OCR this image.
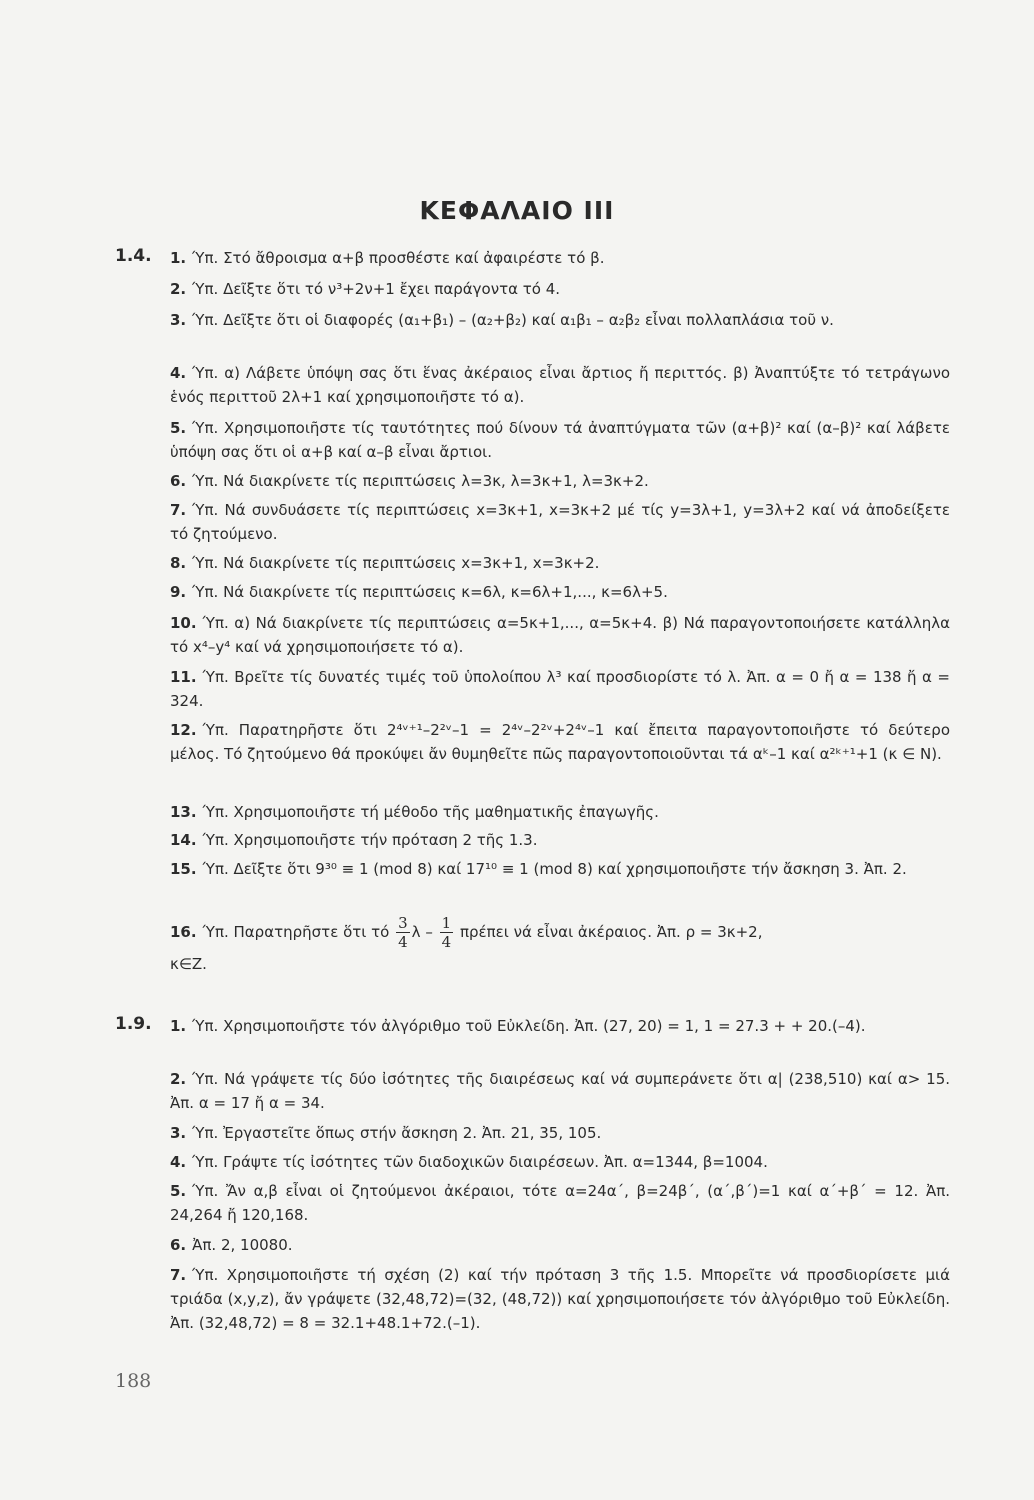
ΚΕΦΑΛΑΙΟ III
1.4. 1. Ύπ. Στό ἄθροισμα α+β προσθέστε καί ἀφαιρέστε τό β.
2. Ύπ. Δεῖξτε ὅτι τό ν³+2ν+1 ἔχει παράγοντα τό 4.
3. Ύπ. Δεῖξτε ὅτι οἱ διαφορές (α₁+β₁) – (α₂+β₂) καί α₁β₁ – α₂β₂ εἶναι πολλαπλάσια τοῦ ν.
4. Ύπ. α) Λάβετε ὑπόψη σας ὅτι ἕνας ἀκέραιος εἶναι ἄρτιος ἤ περιττός. β) Ἀναπτύξτε τό τετράγωνο ἑνός περιττοῦ 2λ+1 καί χρησιμοποιῆστε τό α).
5. Ύπ. Χρησιμοποιῆστε τίς ταυτότητες πού δίνουν τά ἀναπτύγματα τῶν (α+β)² καί (α–β)² καί λάβετε ὑπόψη σας ὅτι οἱ α+β καί α–β εἶναι ἄρτιοι.
6. Ύπ. Νά διακρίνετε τίς περιπτώσεις λ=3κ, λ=3κ+1, λ=3κ+2.
7. Ύπ. Νά συνδυάσετε τίς περιπτώσεις x=3κ+1, x=3κ+2 μέ τίς y=3λ+1, y=3λ+2 καί νά ἀποδείξετε τό ζητούμενο.
8. Ύπ. Νά διακρίνετε τίς περιπτώσεις x=3κ+1, x=3κ+2.
9. Ύπ. Νά διακρίνετε τίς περιπτώσεις κ=6λ, κ=6λ+1,..., κ=6λ+5.
10. Ύπ. α) Νά διακρίνετε τίς περιπτώσεις α=5κ+1,..., α=5κ+4. β) Νά παραγοντοποιήσετε κατάλληλα τό x⁴–y⁴ καί νά χρησιμοποιήσετε τό α).
11. Ύπ. Βρεῖτε τίς δυνατές τιμές τοῦ ὑπολοίπου λ³ καί προσδιορίστε τό λ. Ἀπ. α = 0 ἤ α = 138 ἤ α = 324.
12. Ύπ. Παρατηρῆστε ὅτι 2⁴ᵛ⁺¹–2²ᵛ–1 = 2⁴ᵛ–2²ᵛ+2⁴ᵛ–1 καί ἔπειτα παραγοντοποιῆστε τό δεύτερο μέλος. Τό ζητούμενο θά προκύψει ἄν θυμηθεῖτε πῶς παραγοντοποιοῦνται τά αᵏ–1 καί α²ᵏ⁺¹+1 (κ ∈ Ν).
13. Ύπ. Χρησιμοποιῆστε τή μέθοδο τῆς μαθηματικῆς ἐπαγωγῆς.
14. Ύπ. Χρησιμοποιῆστε τήν πρόταση 2 τῆς 1.3.
15. Ύπ. Δεῖξτε ὅτι 9³⁰ ≡ 1 (mod 8) καί 17¹⁰ ≡ 1 (mod 8) καί χρησιμοποιῆστε τήν ἄσκηση 3. Ἀπ. 2.
16. Ύπ. Παρατηρῆστε ὅτι τό $\frac{3}{4}$ λ – $\frac{1}{4}$ πρέπει νά εἶναι ἀκέραιος. Ἀπ. ρ = 3κ+2,
κ∈Ζ.
1.9. 1. Ύπ. Χρησιμοποιῆστε τόν ἀλγόριθμο τοῦ Εὐκλείδη. Ἀπ. (27, 20) = 1, 1 = 27.3 + + 20.(–4).
2. Ύπ. Νά γράψετε τίς δύο ἰσότητες τῆς διαιρέσεως καί νά συμπεράνετε ὅτι α| (238,510) καί α> 15. Ἀπ. α = 17 ἤ α = 34.
3. Ύπ. Ἐργαστεῖτε ὅπως στήν ἄσκηση 2. Ἀπ. 21, 35, 105.
4. Ύπ. Γράψτε τίς ἰσότητες τῶν διαδοχικῶν διαιρέσεων. Ἀπ. α=1344, β=1004.
5. Ύπ. Ἄν α,β εἶναι οἱ ζητούμενοι ἀκέραιοι, τότε α=24α΄, β=24β΄, (α΄,β΄)=1 καί α΄+β΄ = 12. Ἀπ. 24,264 ἤ 120,168.
6. Ἀπ. 2, 10080.
7. Ύπ. Χρησιμοποιῆστε τή σχέση (2) καί τήν πρόταση 3 τῆς 1.5. Μπορεῖτε νά προσδιορίσετε μιά τριάδα (x,y,z), ἄν γράψετε (32,48,72)=(32, (48,72)) καί χρησιμοποιήσετε τόν ἀλγόριθμο τοῦ Εὐκλείδη. Ἀπ. (32,48,72) = 8 = 32.1+48.1+72.(–1).
188
